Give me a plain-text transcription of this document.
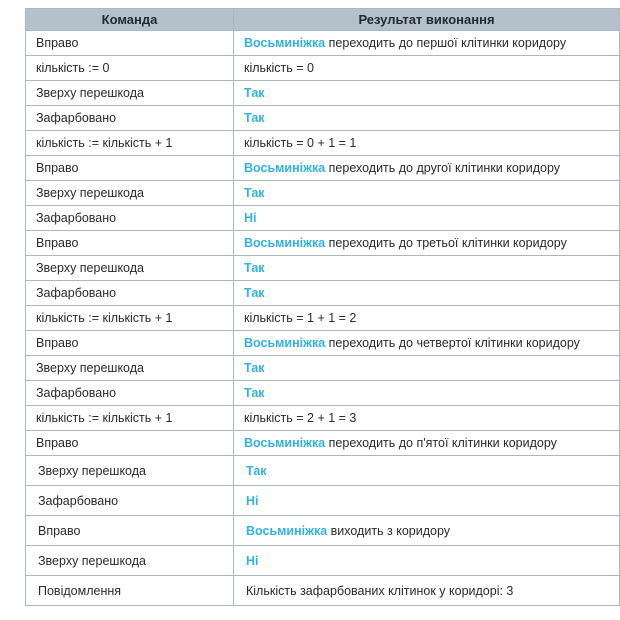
Команда	Результат виконання
Вправо	Восьминіжка переходить до першої клітинки коридору
кількість := 0	кількість = 0
Зверху перешкода	Так
Зафарбовано	Так
кількість := кількість + 1	кількість = 0 + 1 = 1
Вправо	Восьминіжка переходить до другої клітинки коридору
Зверху перешкода	Так
Зафарбовано	Ні
Вправо	Восьминіжка переходить до третьої клітинки коридору
Зверху перешкода	Так
Зафарбовано	Так
кількість := кількість + 1	кількість = 1 + 1 = 2
Вправо	Восьминіжка переходить до четвертої клітинки коридору
Зверху перешкода	Так
Зафарбовано	Так
кількість := кількість + 1	кількість = 2 + 1 = 3
Вправо	Восьминіжка переходить до п'ятої клітинки коридору
Зверху перешкода	Так
Зафарбовано	Ні
Вправо	Восьминіжка виходить з коридору
Зверху перешкода	Ні
Повідомлення	Кількість зафарбованих клітинок у коридорі: 3
